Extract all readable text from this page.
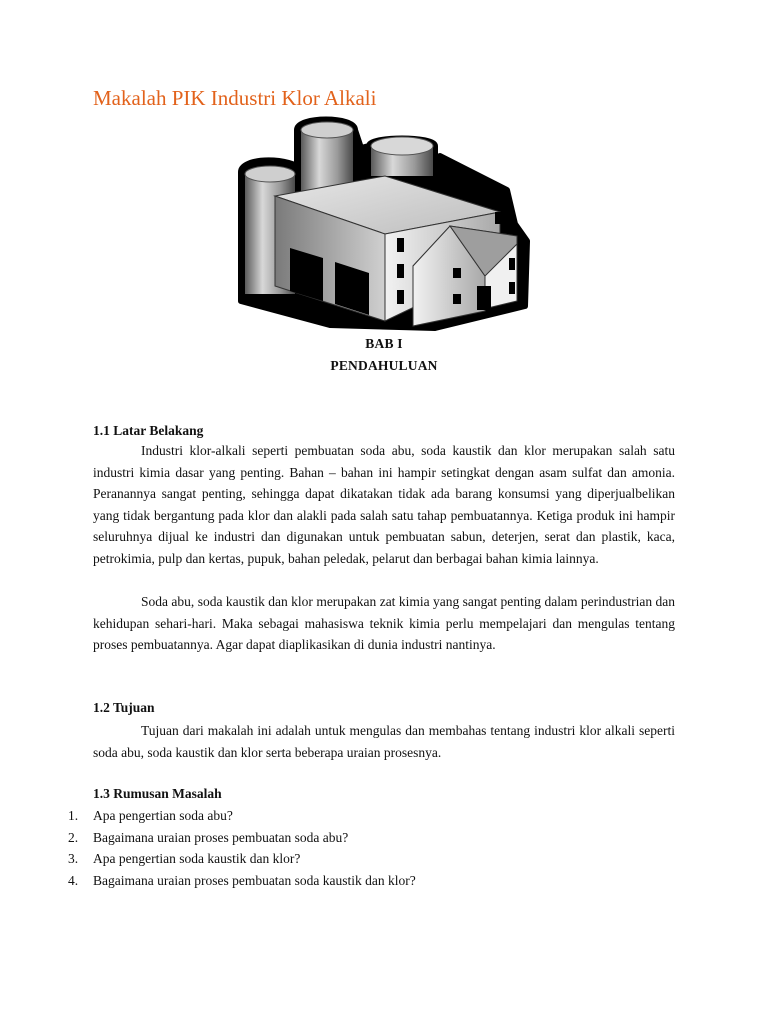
Makalah PIK Industri Klor Alkali
BAB I
PENDAHULUAN
1.1 Latar Belakang

Industri klor-alkali seperti pembuatan soda abu, soda kaustik dan klor merupakan salah satu industri kimia dasar yang penting. Bahan – bahan ini hampir setingkat dengan asam sulfat dan amonia. Peranannya sangat penting, sehingga dapat dikatakan tidak ada barang konsumsi yang diperjualbelikan yang tidak bergantung pada klor dan alakli pada salah satu tahap pembuatannya. Ketiga produk ini hampir seluruhnya dijual ke industri dan digunakan untuk pembuatan sabun, deterjen, serat dan plastik, kaca, petrokimia, pulp dan kertas, pupuk, bahan peledak, pelarut dan berbagai bahan kimia lainnya.

Soda abu, soda kaustik dan klor merupakan zat kimia yang sangat penting dalam perindustrian dan kehidupan sehari-hari. Maka sebagai mahasiswa teknik kimia perlu mempelajari dan mengulas tentang proses pembuatannya. Agar dapat diaplikasikan di dunia industri nantinya.

1.2 Tujuan

Tujuan dari makalah ini adalah untuk mengulas dan membahas tentang industri klor alkali seperti soda abu, soda kaustik dan klor serta beberapa uraian prosesnya.

1.3 Rumusan Masalah
1.	Apa pengertian soda abu?
2.	Bagaimana uraian proses pembuatan soda abu?
3.	Apa pengertian soda kaustik dan klor?
4.	Bagaimana uraian proses pembuatan soda kaustik dan klor?
